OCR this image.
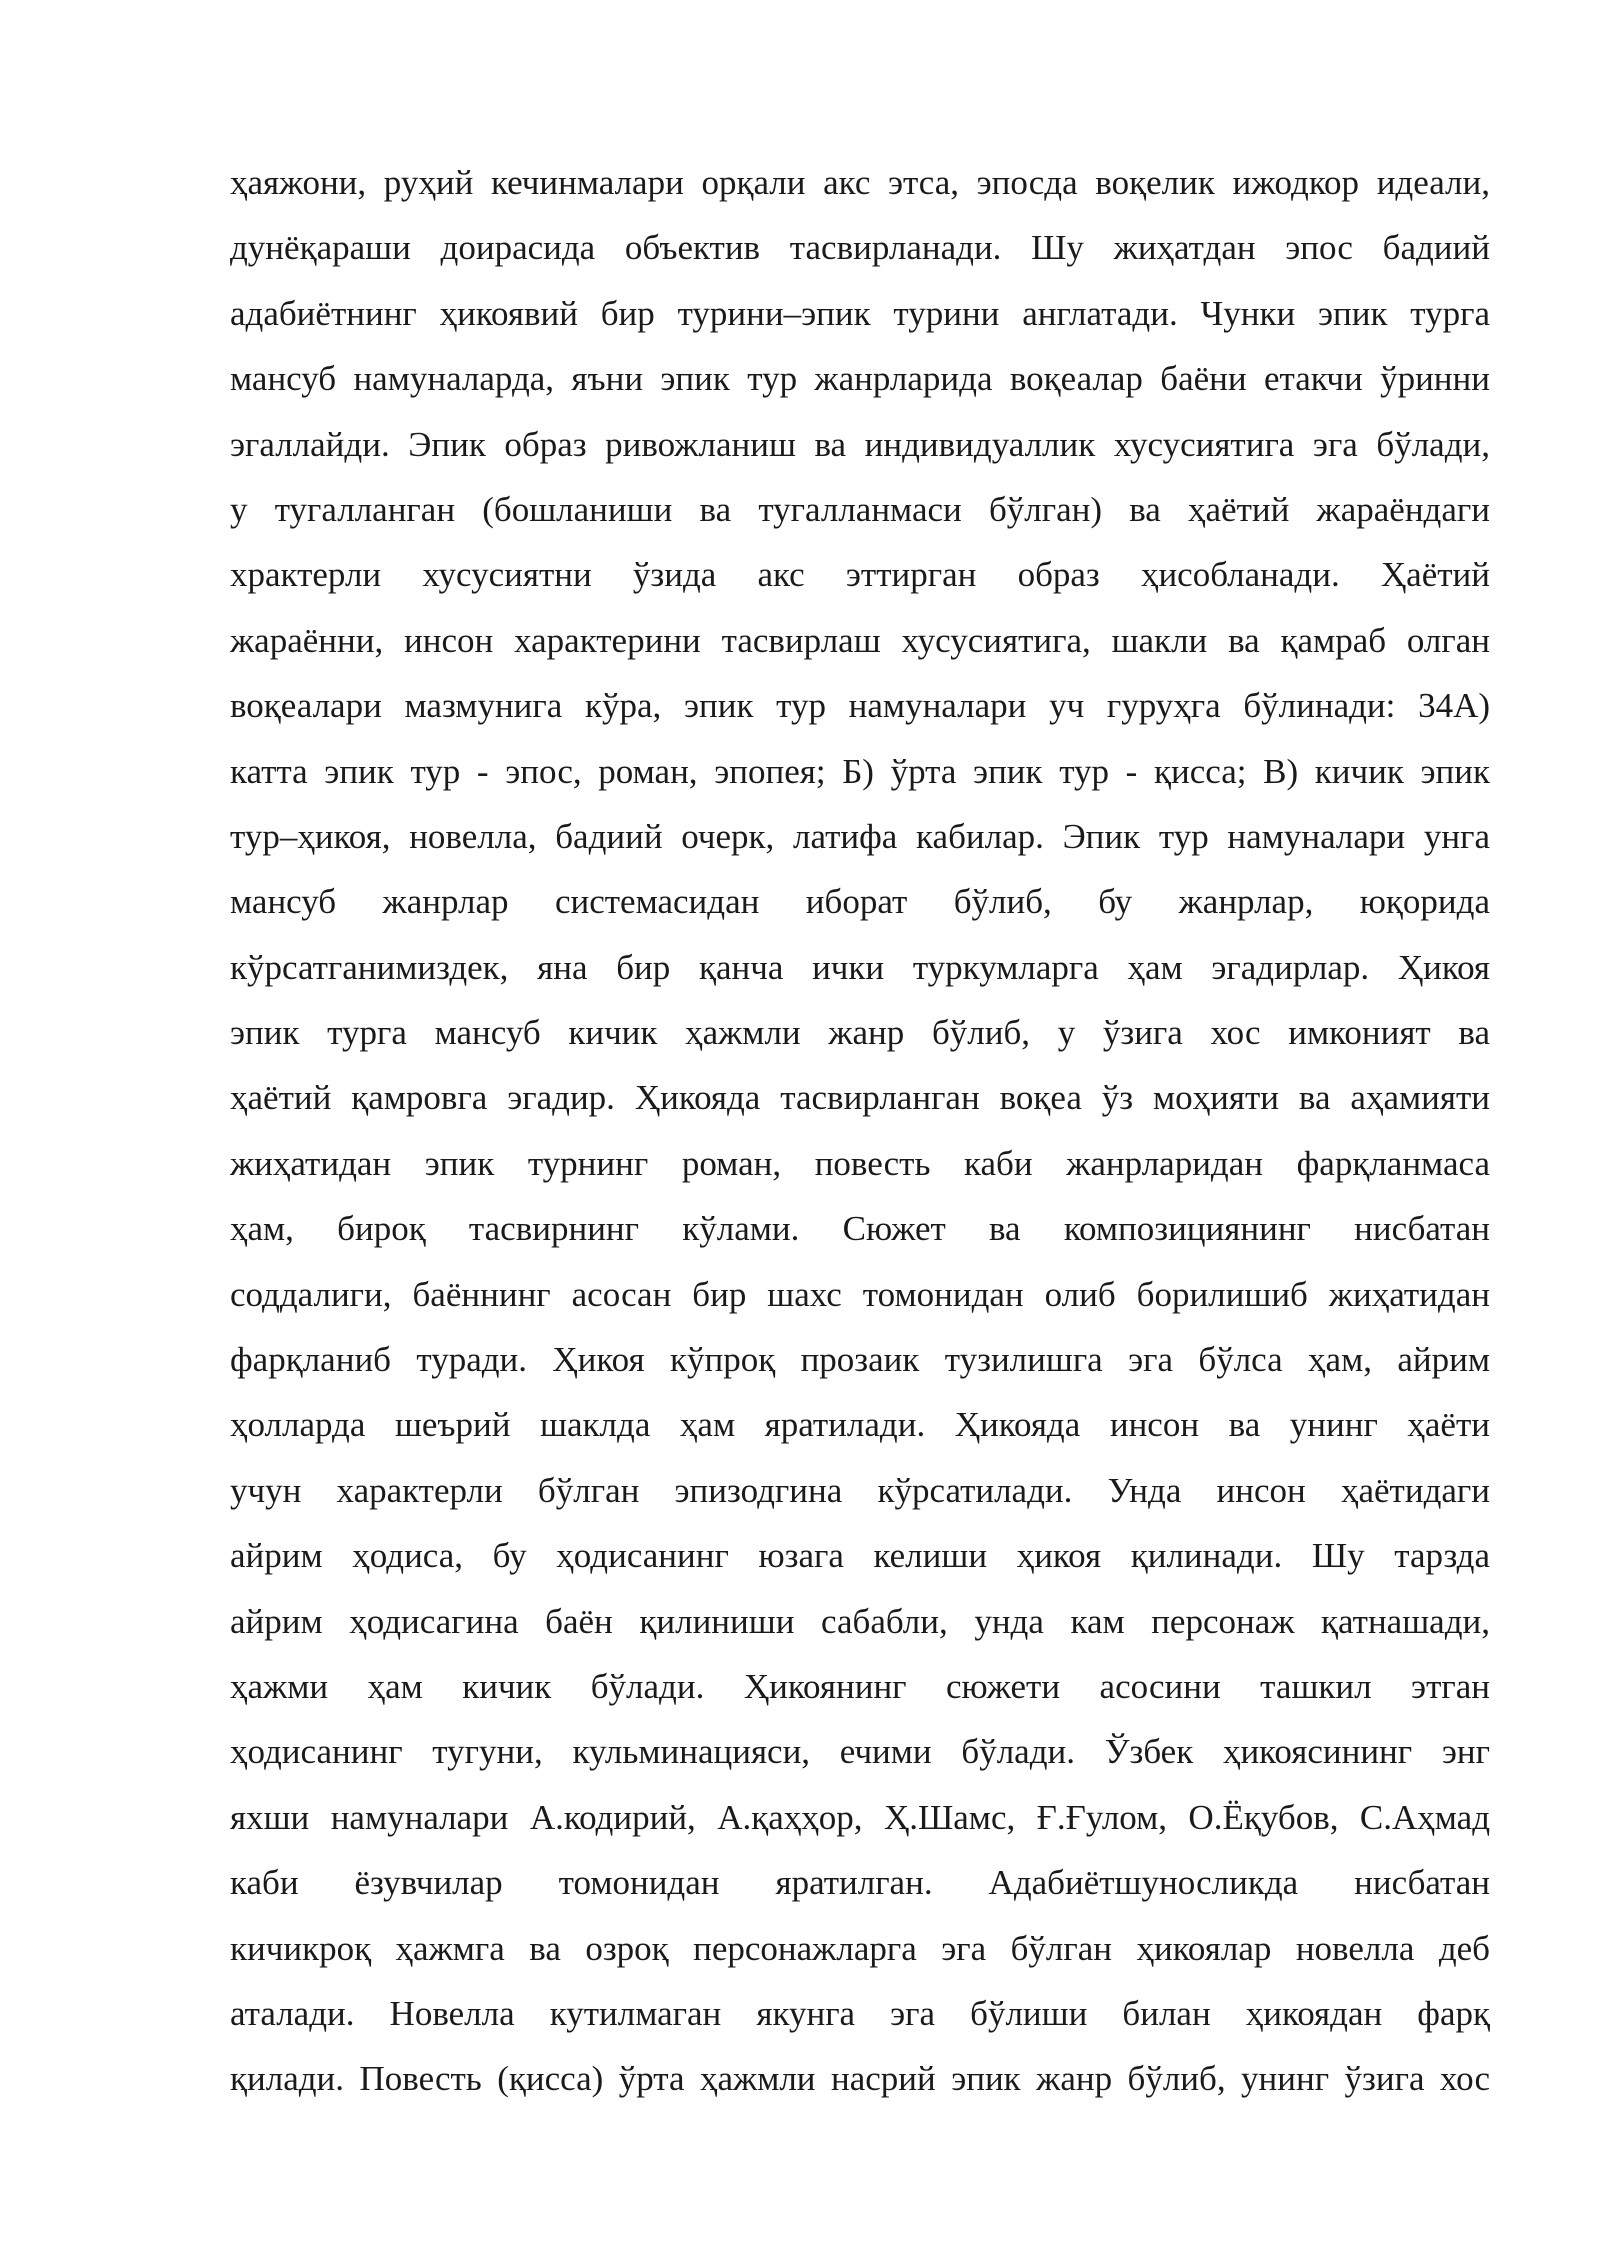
ҳаяжони, руҳий кечинмалари орқали акс этса, эпосда воқелик ижодкор идеали,
дунёқараши доирасида объектив тасвирланади. Шу жиҳатдан эпос бадиий
адабиётнинг ҳикоявий бир турини–эпик турини англатади. Чунки эпик турга
мансуб намуналарда, яъни эпик тур жанрларида воқеалар баёни етакчи ўринни
эгаллайди. Эпик образ ривожланиш ва индивидуаллик хусусиятига эга бўлади,
у тугалланган (бошланиши ва тугалланмаси бўлган) ва ҳаётий жараёндаги
храктерли хусусиятни ўзида акс эттирган образ ҳисобланади. Ҳаётий
жараённи, инсон характерини тасвирлаш хусусиятига, шакли ва қамраб олган
воқеалари мазмунига кўра, эпик тур намуналари уч гуруҳга бўлинади: 34А)
катта эпик тур - эпос, роман, эпопея; Б) ўрта эпик тур - қисса; В) кичик эпик
тур–ҳикоя, новелла, бадиий очерк, латифа кабилар. Эпик тур намуналари унга
мансуб жанрлар системасидан иборат бўлиб, бу жанрлар, юқорида
кўрсатганимиздек, яна бир қанча ички туркумларга ҳам эгадирлар. Ҳикоя
эпик турга мансуб кичик ҳажмли жанр бўлиб, у ўзига хос имконият ва
ҳаётий қамровга эгадир. Ҳикояда тасвирланган воқеа ўз моҳияти ва аҳамияти
жиҳатидан эпик турнинг роман, повесть каби жанрларидан фарқланмаса
ҳам, бироқ тасвирнинг кўлами. Сюжет ва композициянинг нисбатан
соддалиги, баённинг асосан бир шахс томонидан олиб борилишиб жиҳатидан
фарқланиб туради. Ҳикоя кўпроқ прозаик тузилишга эга бўлса ҳам, айрим
ҳолларда шеърий шаклда ҳам яратилади. Ҳикояда инсон ва унинг ҳаёти
учун характерли бўлган эпизодгина кўрсатилади. Унда инсон ҳаётидаги
айрим ҳодиса, бу ҳодисанинг юзага келиши ҳикоя қилинади. Шу тарзда
айрим ҳодисагина баён қилиниши сабабли, унда кам персонаж қатнашади,
ҳажми ҳам кичик бўлади. Ҳикоянинг сюжети асосини ташкил этган
ҳодисанинг тугуни, кульминацияси, ечими бўлади. Ўзбек ҳикоясининг энг
яхши намуналари А.кодирий, А.қаҳҳор, Ҳ.Шамс, Ғ.Ғулом, О.Ёқубов, С.Аҳмад
каби ёзувчилар томонидан яратилган. Адабиётшуносликда нисбатан
кичикроқ ҳажмга ва озроқ персонажларга эга бўлган ҳикоялар новелла деб
аталади. Новелла кутилмаган якунга эга бўлиши билан ҳикоядан фарқ
қилади. Повесть (қисса) ўрта ҳажмли насрий эпик жанр бўлиб, унинг ўзига хос
